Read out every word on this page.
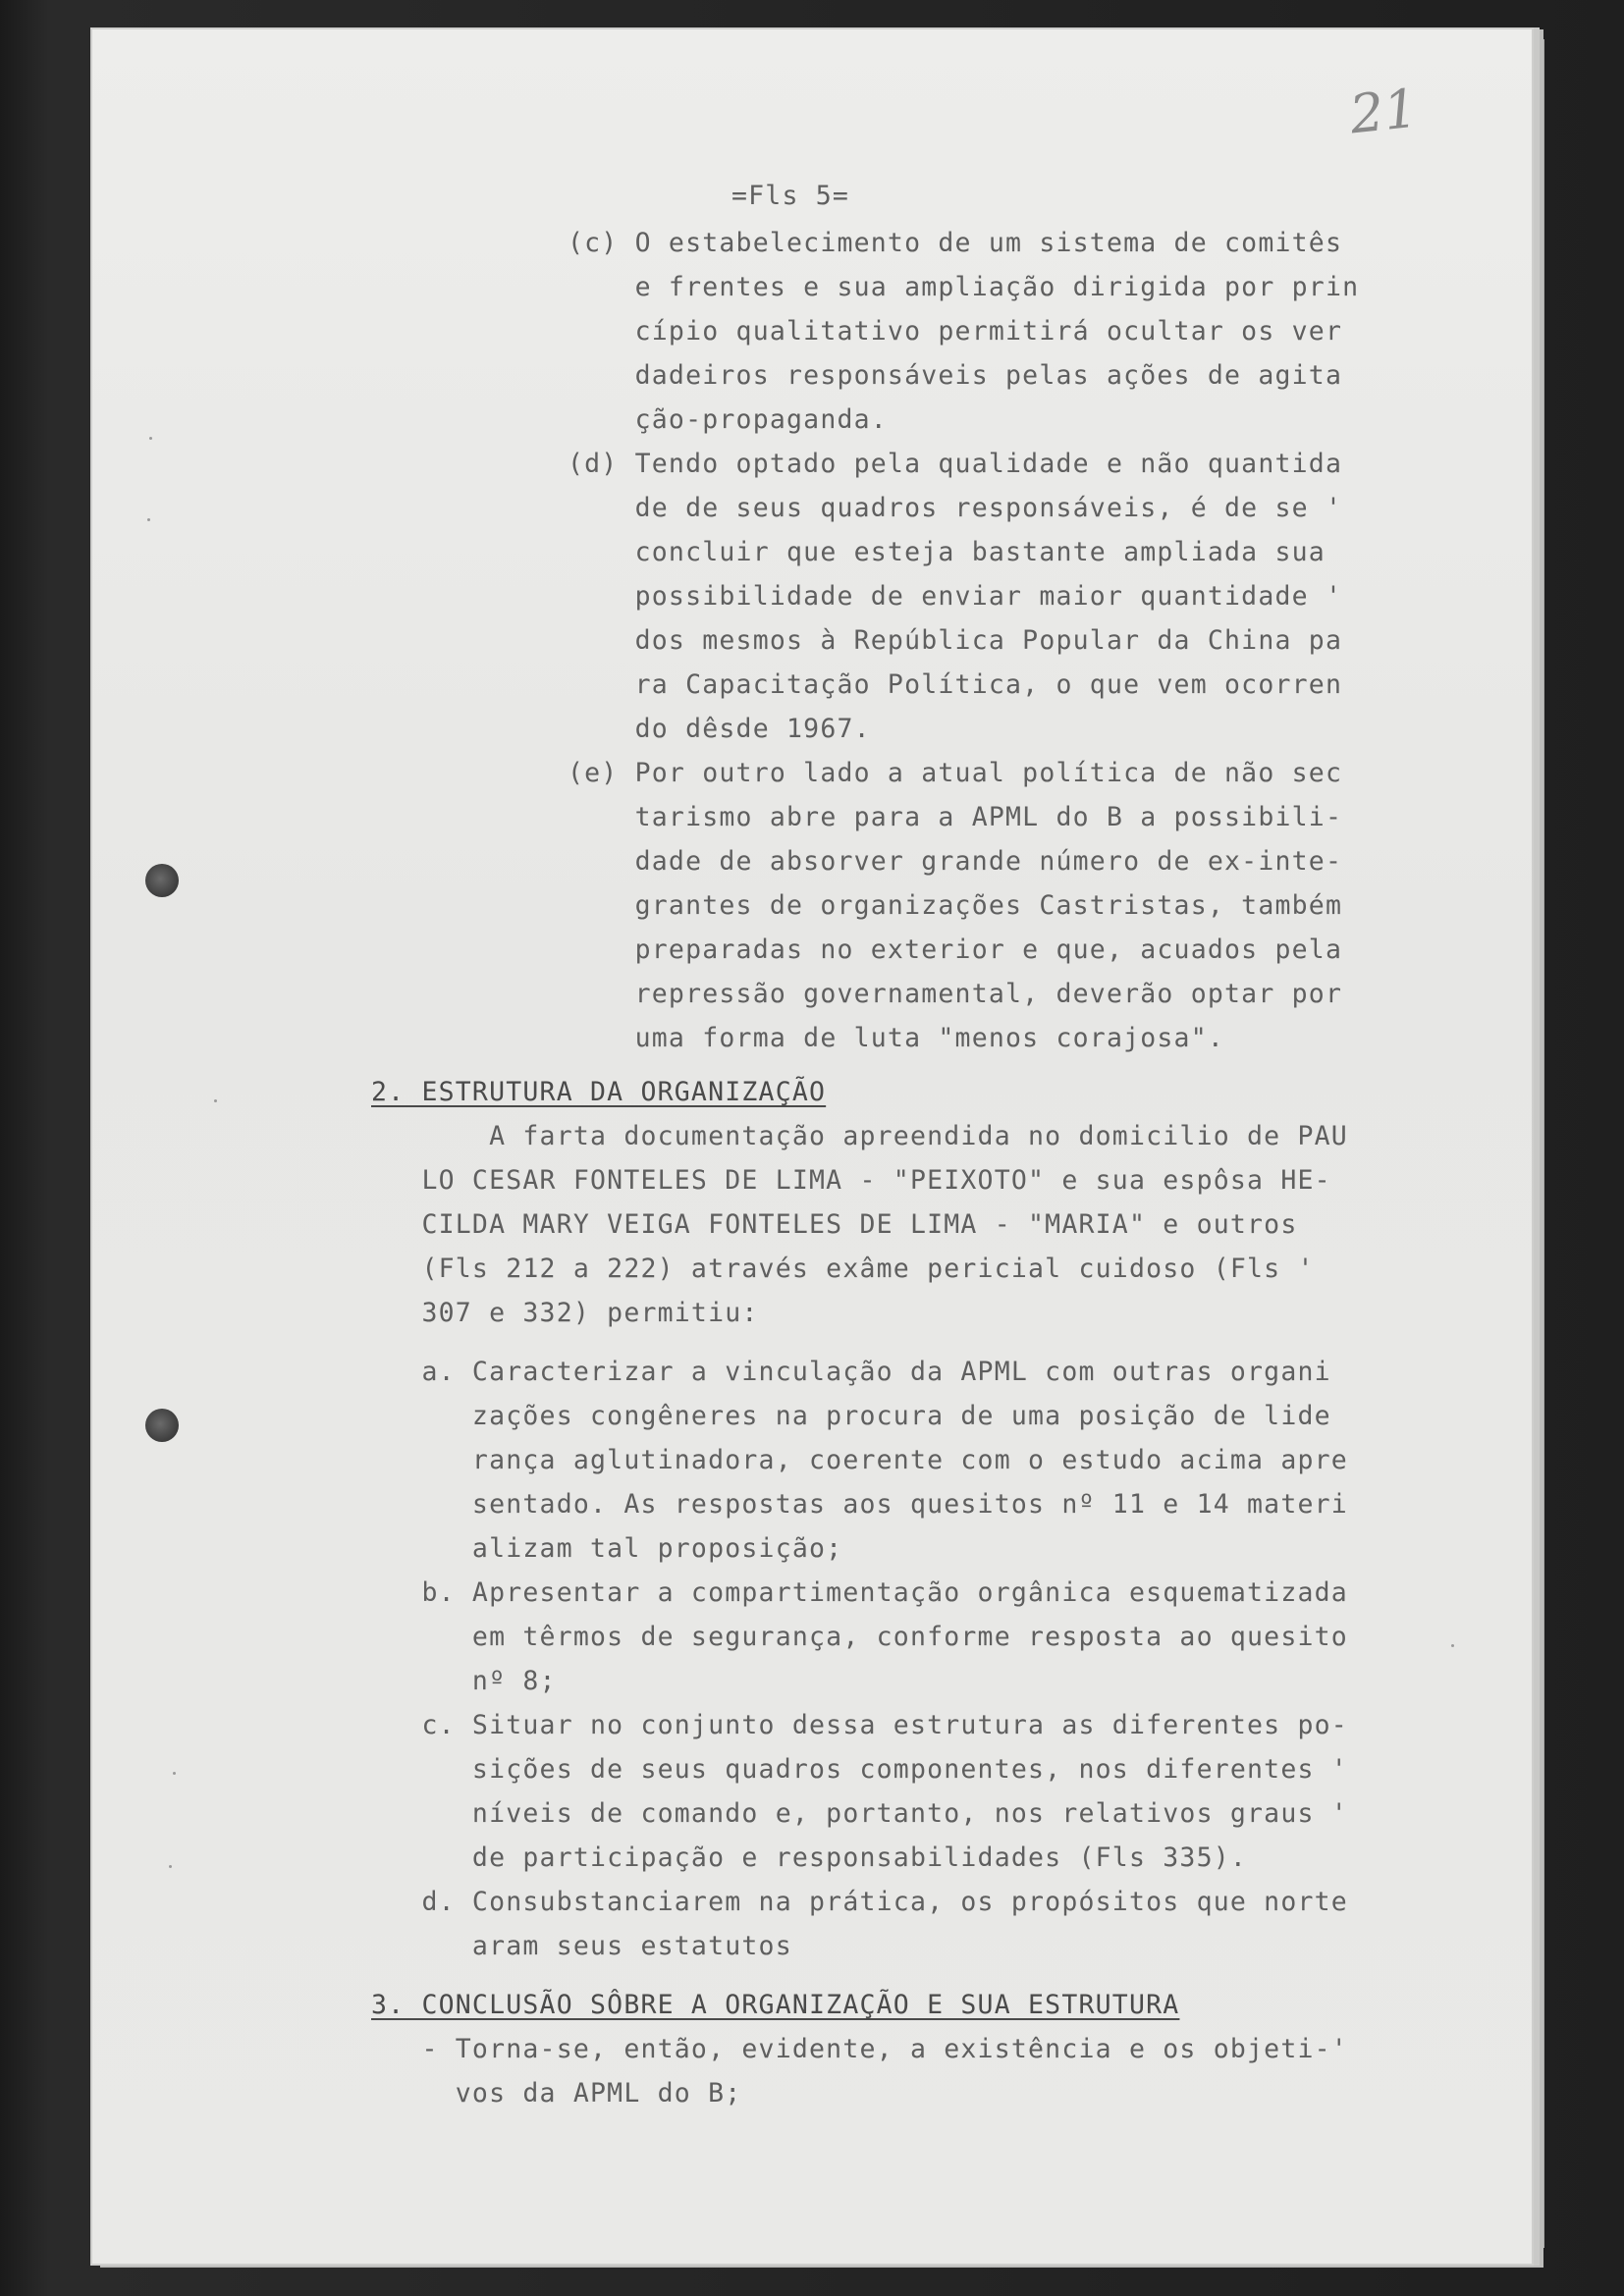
21
=Fls 5=
(c) O estabelecimento de um sistema de comitês
e frentes e sua ampliação dirigida por prin
cípio qualitativo permitirá ocultar os ver
dadeiros responsáveis pelas ações de agita
ção-propaganda.
(d) Tendo optado pela qualidade e não quantida
de de seus quadros responsáveis, é de se '
concluir que esteja bastante ampliada sua
possibilidade de enviar maior quantidade '
dos mesmos à República Popular da China pa
ra Capacitação Política, o que vem ocorren
do dêsde 1967.
(e) Por outro lado a atual política de não sec
tarismo abre para a APML do B a possibili-
dade de absorver grande número de ex-inte-
grantes de organizações Castristas, também
preparadas no exterior e que, acuados pela
repressão governamental, deverão optar por
uma forma de luta "menos corajosa".
2. ESTRUTURA DA ORGANIZAÇÃO
A farta documentação apreendida no domicilio de PAU
LO CESAR FONTELES DE LIMA - "PEIXOTO" e sua espôsa HE-
CILDA MARY VEIGA FONTELES DE LIMA - "MARIA" e outros
(Fls 212 a 222) através exâme pericial cuidoso (Fls '
307 e 332) permitiu:
a. Caracterizar a vinculação da APML com outras organi
zações congêneres na procura de uma posição de lide
rança aglutinadora, coerente com o estudo acima apre
sentado. As respostas aos quesitos nº 11 e 14 materi
alizam tal proposição;
b. Apresentar a compartimentação orgânica esquematizada
em têrmos de segurança, conforme resposta ao quesito
nº 8;
c. Situar no conjunto dessa estrutura as diferentes po-
sições de seus quadros componentes, nos diferentes '
níveis de comando e, portanto, nos relativos graus '
de participação e responsabilidades (Fls 335).
d. Consubstanciarem na prática, os propósitos que norte
aram seus estatutos
3. CONCLUSÃO SÔBRE A ORGANIZAÇÃO E SUA ESTRUTURA
- Torna-se, então, evidente, a existência e os objeti-'
vos da APML do B;
